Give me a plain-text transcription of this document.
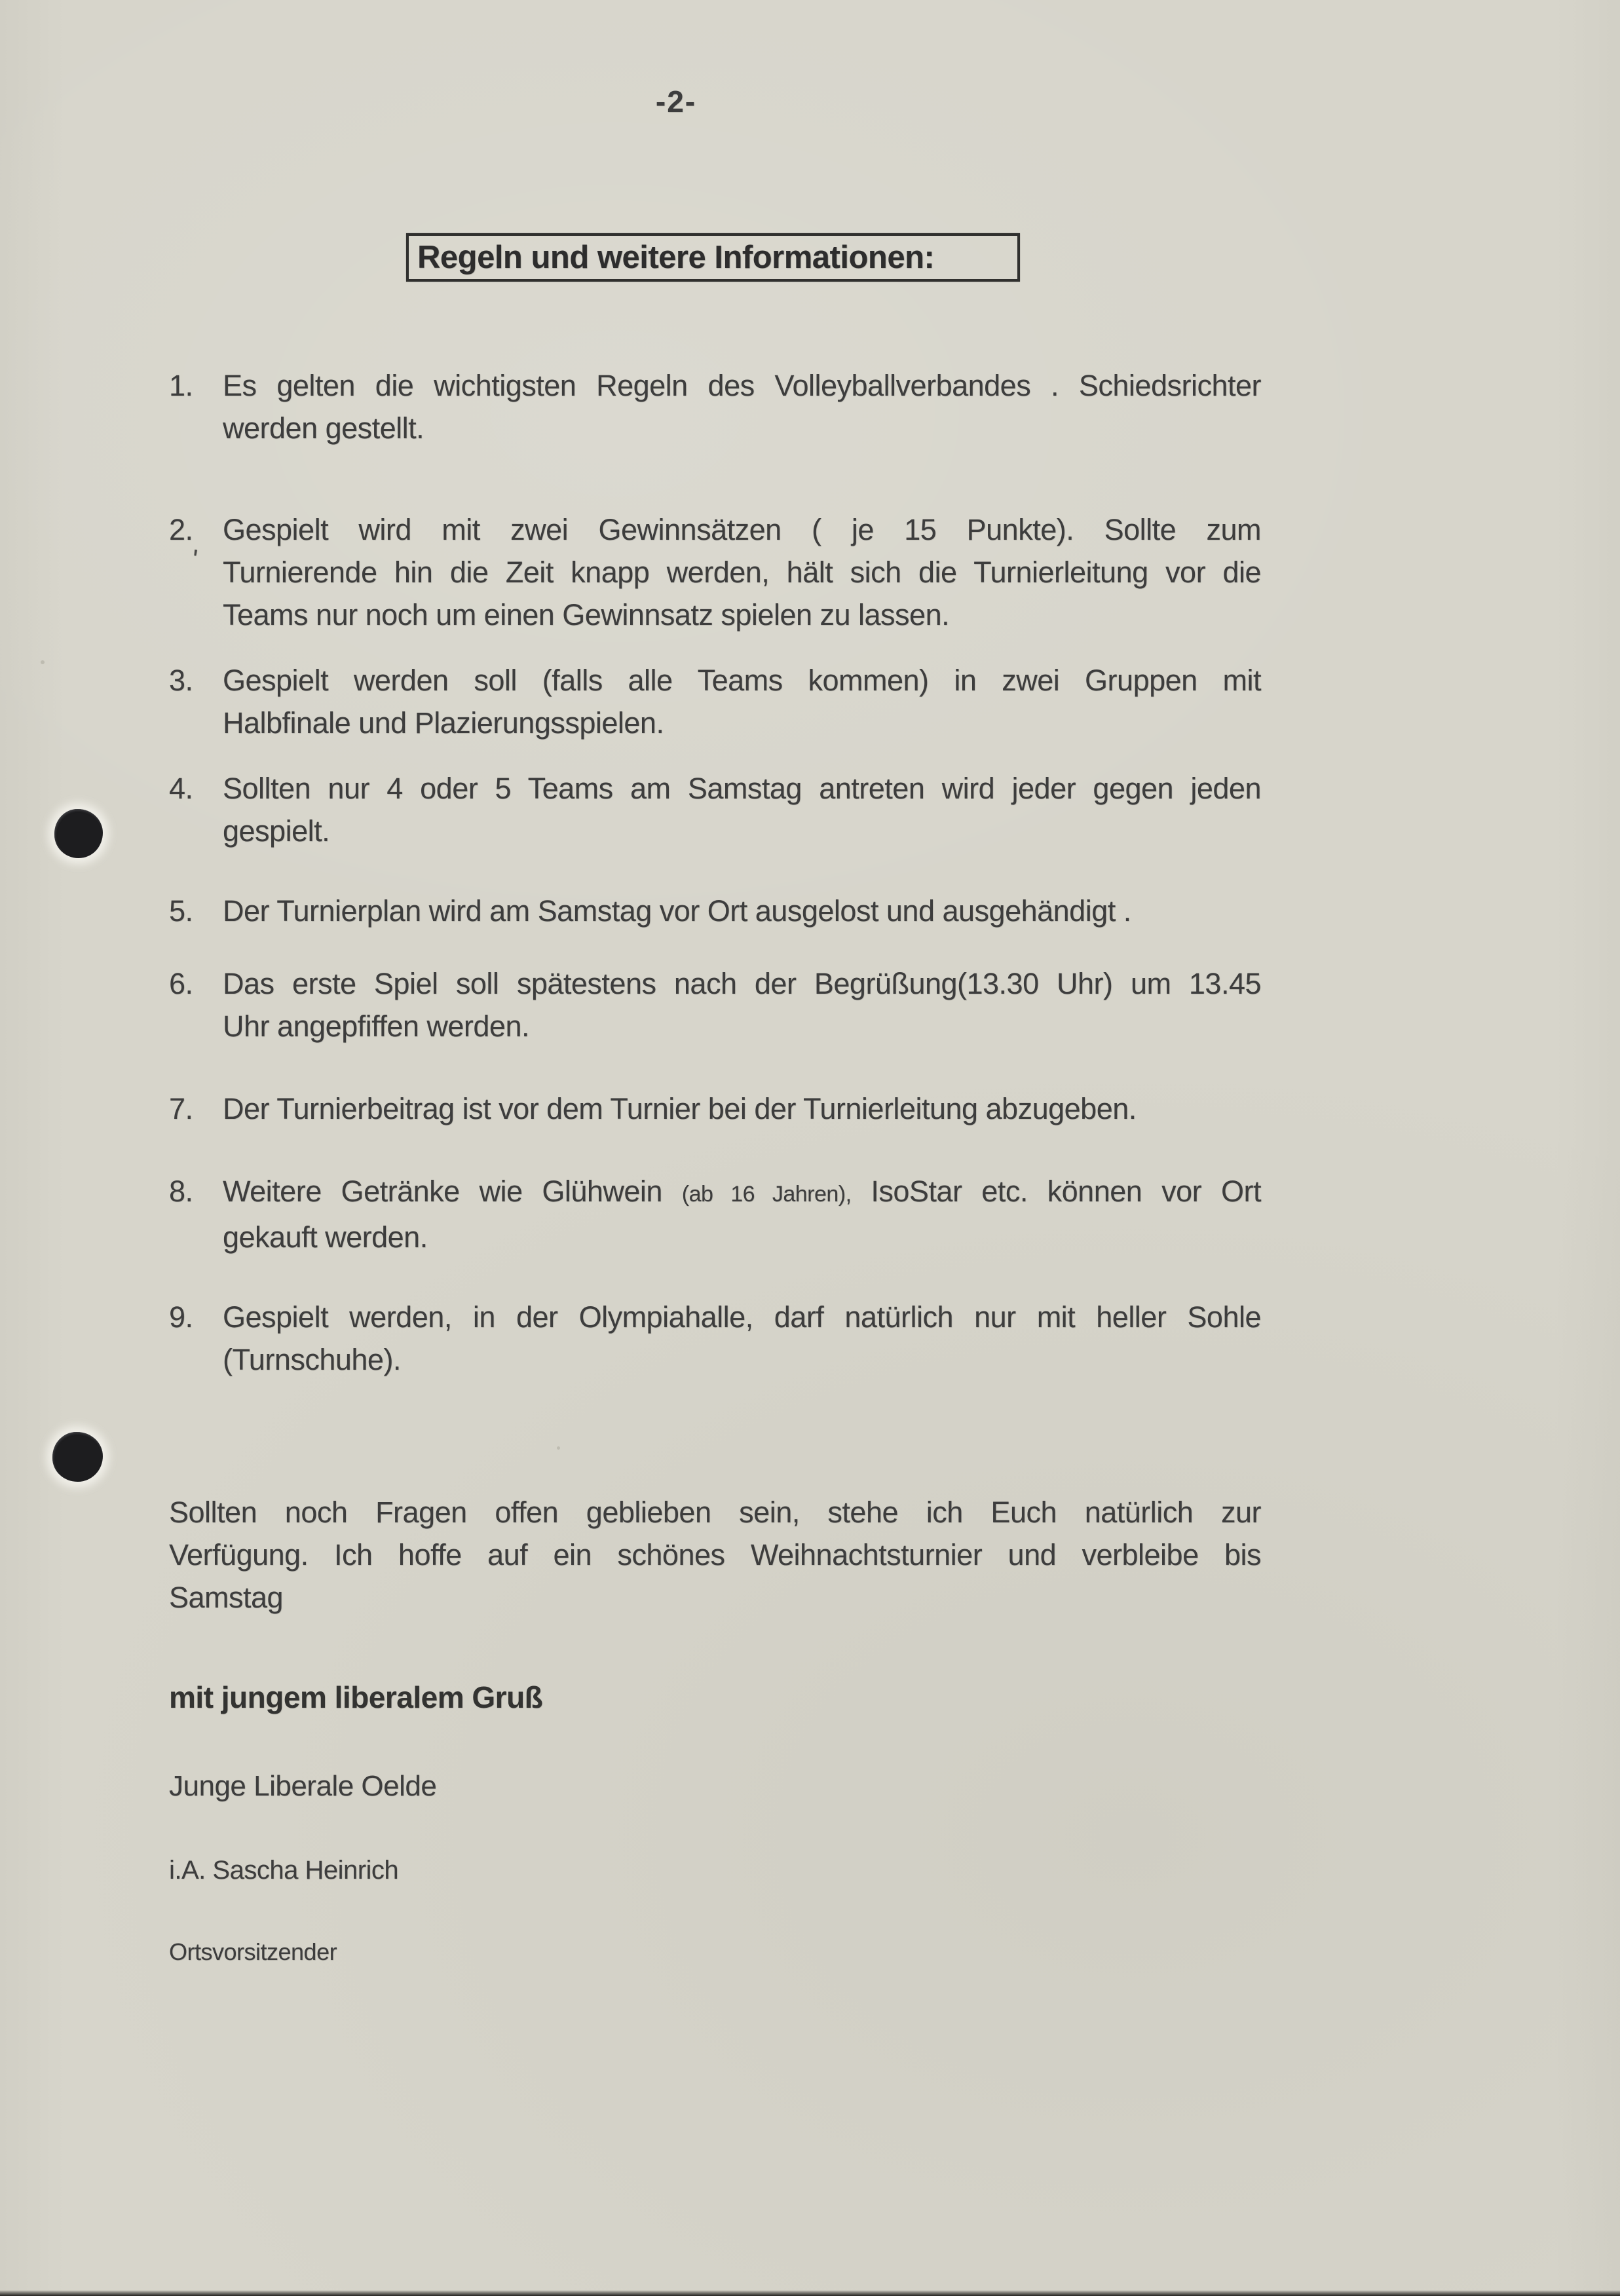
-2-
Regeln und weitere Informationen:
1.	Es gelten die wichtigsten Regeln des Volleyballverbandes . Schiedsrichter
werden gestellt.
2.	Gespielt wird mit zwei Gewinnsätzen ( je 15 Punkte). Sollte zum
Turnierende hin die Zeit knapp werden, hält sich die Turnierleitung vor die
Teams nur noch um einen Gewinnsatz spielen zu lassen.
3.	Gespielt werden soll (falls alle Teams kommen) in zwei Gruppen mit
Halbfinale und Plazierungsspielen.
4.	Sollten nur 4 oder 5 Teams am Samstag antreten wird jeder gegen jeden
gespielt.
5.	Der Turnierplan wird am Samstag vor Ort ausgelost und ausgehändigt .
6.	Das erste Spiel soll spätestens nach der Begrüßung(13.30 Uhr) um 13.45
Uhr angepfiffen werden.
7.	Der Turnierbeitrag ist vor dem Turnier bei der Turnierleitung abzugeben.
8.	Weitere Getränke wie Glühwein (ab 16 Jahren), IsoStar etc. können vor Ort
gekauft werden.
9.	Gespielt werden, in der Olympiahalle, darf natürlich nur mit heller Sohle
(Turnschuhe).
Sollten noch Fragen offen geblieben sein, stehe ich Euch natürlich zur
Verfügung. Ich hoffe auf ein schönes Weihnachtsturnier und verbleibe bis
Samstag
mit jungem liberalem Gruß
Junge Liberale Oelde
i.A. Sascha Heinrich
Ortsvorsitzender
'
